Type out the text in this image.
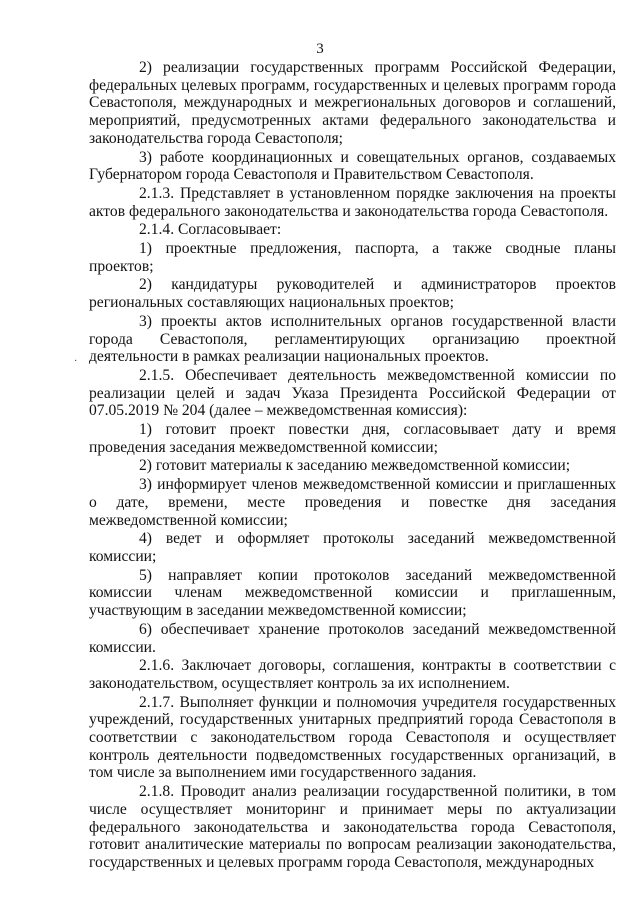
3
·

2) реализации государственных программ Российской Федерации, федеральных целевых программ, государственных и целевых программ города Севастополя, международных и межрегиональных договоров и соглашений, мероприятий, предусмотренных актами федерального законодательства и законодательства города Севастополя;

3) работе координационных и совещательных органов, создаваемых Губернатором города Севастополя и Правительством Севастополя.

2.1.3. Представляет в установленном порядке заключения на проекты актов федерального законодательства и законодательства города Севастополя.

2.1.4. Согласовывает:

1) проектные предложения, паспорта, а также сводные планы проектов;

2) кандидатуры руководителей и администраторов проектов региональных составляющих национальных проектов;

3) проекты актов исполнительных органов государственной власти города Севастополя, регламентирующих организацию проектной деятельности в рамках реализации национальных проектов.

2.1.5. Обеспечивает деятельность межведомственной комиссии по реализации целей и задач Указа Президента Российской Федерации от 07.05.2019 № 204 (далее – межведомственная комиссия):

1) готовит проект повестки дня, согласовывает дату и время проведения заседания межведомственной комиссии;

2) готовит материалы к заседанию межведомственной комиссии;

3) информирует членов межведомственной комиссии и приглашенных о дате, времени, месте проведения и повестке дня заседания межведомственной комиссии;

4) ведет и оформляет протоколы заседаний межведомственной комиссии;

5) направляет копии протоколов заседаний межведомственной комиссии членам межведомственной комиссии и приглашенным, участвующим в заседании межведомственной комиссии;

6) обеспечивает хранение протоколов заседаний межведомственной комиссии.

2.1.6. Заключает договоры, соглашения, контракты в соответствии с законодательством, осуществляет контроль за их исполнением.

2.1.7. Выполняет функции и полномочия учредителя государственных учреждений, государственных унитарных предприятий города Севастополя в соответствии с законодательством города Севастополя и осуществляет контроль деятельности подведомственных государственных организаций, в том числе за выполнением ими государственного задания.

2.1.8. Проводит анализ реализации государственной политики, в том числе осуществляет мониторинг и принимает меры по актуализации федерального законодательства и законодательства города Севастополя, готовит аналитические материалы по вопросам реализации законодательства, государственных и целевых программ города Севастополя, международных
